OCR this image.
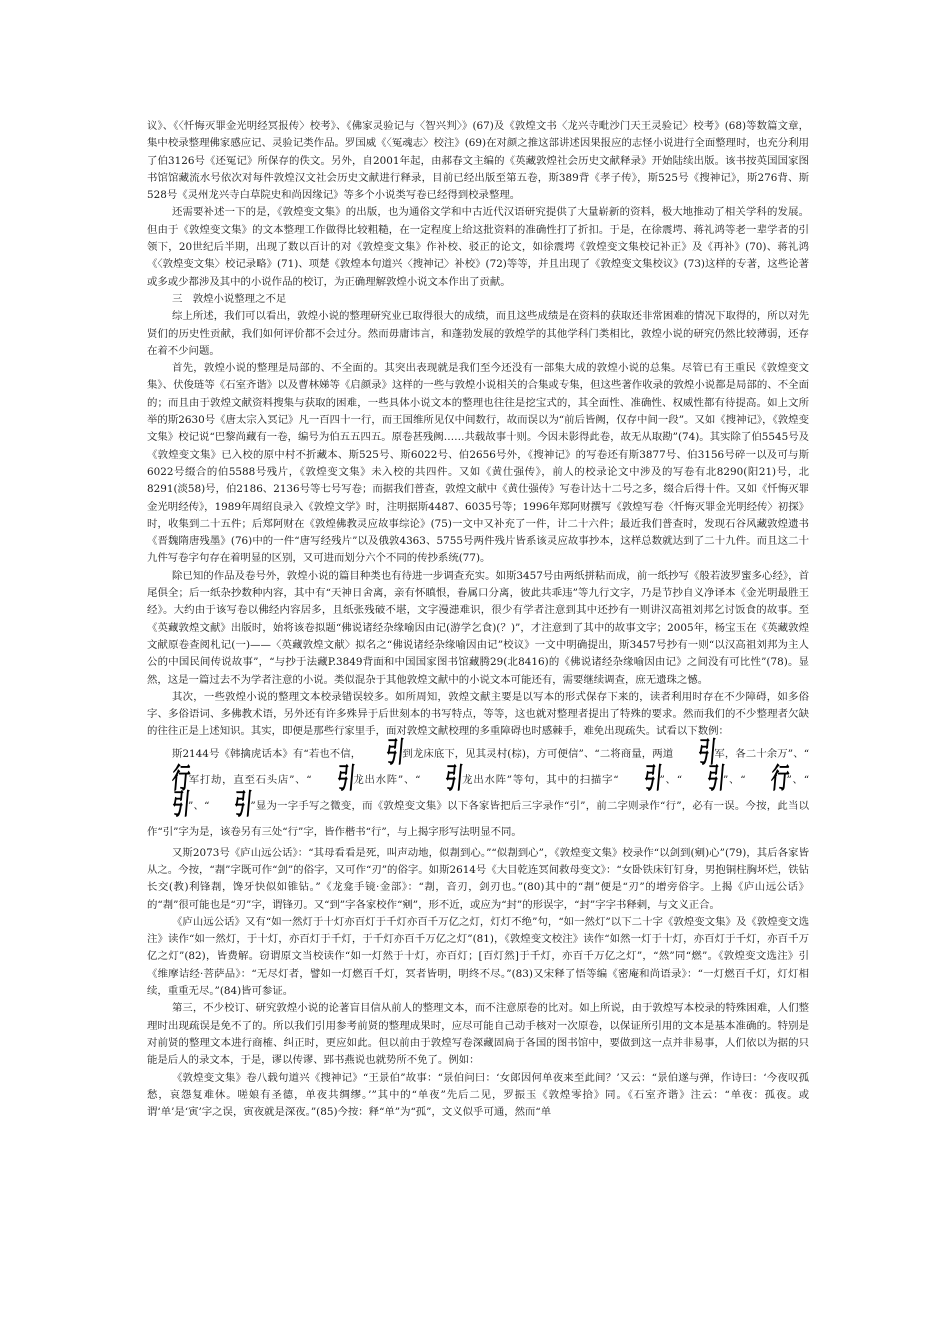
议》、《〈忏悔灭罪金光明经冥报传〉校考》、《佛家灵验记与〈智兴判〉》(67)及《敦煌文书〈龙兴寺毗沙门天王灵验记〉校考》(68)等数篇文章，集中校录整理佛家感应记、灵验记类作品。罗国威《〈冤魂志〉校注》(69)在对颜之推这部讲述因果报应的志怪小说进行全面整理时，也充分利用了伯3126号《还冤记》所保存的佚文。另外，自2001年起，由郝春文主编的《英藏敦煌社会历史文献释录》开始陆续出版。该书按英国国家图书馆馆藏流水号依次对每件敦煌汉文社会历史文献进行释录，目前已经出版至第五卷，斯389背《孝子传》，斯525号《搜神记》，斯276背、斯528号《灵州龙兴寺白草院史和尚因缘记》等多个小说类写卷已经得到校录整理。

还需要补述一下的是，《敦煌变文集》的出版，也为通俗文学和中古近代汉语研究提供了大量崭新的资料，极大地推动了相关学科的发展。但由于《敦煌变文集》的文本整理工作做得比较粗糙，在一定程度上给这批资料的准确性打了折扣。于是，在徐震堮、蒋礼鸿等老一辈学者的引领下，20世纪后半期，出现了数以百计的对《敦煌变文集》作补校、驳正的论文，如徐震堮《敦煌变文集校记补正》及《再补》(70)、蒋礼鸿《〈敦煌变文集〉校记录略》(71)、项楚《敦煌本句道兴〈搜神记〉补校》(72)等等，并且出现了《敦煌变文集校议》(73)这样的专著，这些论著或多或少都涉及其中的小说作品的校订，为正确理解敦煌小说文本作出了贡献。

三　敦煌小说整理之不足

综上所述，我们可以看出，敦煌小说的整理研究业已取得很大的成绩，而且这些成绩是在资料的获取还非常困难的情况下取得的，所以对先贤们的历史性贡献，我们如何评价都不会过分。然而毋庸讳言，和蓬勃发展的敦煌学的其他学科门类相比，敦煌小说的研究仍然比较薄弱，还存在着不少问题。

首先，敦煌小说的整理是局部的、不全面的。其突出表现就是我们至今还没有一部集大成的敦煌小说的总集。尽管已有王重民《敦煌变文集》、伏俊琏等《石室齐谐》以及曹林娣等《启颜录》这样的一些与敦煌小说相关的合集或专集，但这些著作收录的敦煌小说都是局部的、不全面的；而且由于敦煌文献资料搜集与获取的困难，一些具体小说文本的整理也往往是挖宝式的，其全面性、准确性、权威性都有待提高。如上文所举的斯2630号《唐太宗入冥记》凡一百四十一行，而王国维所见仅中间数行，故而误以为“前后皆阙，仅存中间一段”。又如《搜神记》，《敦煌变文集》校记说“巴黎尚藏有一卷，编号为伯五五四五。原卷甚残阙……共载故事十则。今因未影得此卷，故无从取勘”(74)。其实除了伯5545号及《敦煌变文集》已入校的原中村不折藏本、斯525号、斯6022号、伯2656号外，《搜神记》的写卷还有斯3877号、伯3156号碎一以及可与斯6022号缀合的伯5588号残片，《敦煌变文集》未入校的共四件。又如《黄仕强传》，前人的校录论文中涉及的写卷有北8290(阳21)号，北8291(淡58)号，伯2186、2136号等七号写卷；而据我们普查，敦煌文献中《黄仕强传》写卷计达十二号之多，缀合后得十件。又如《忏悔灭罪金光明经传》，1989年周绍良录入《敦煌文学》时，注明据斯4487、6035号等；1996年郑阿财撰写《敦煌写卷〈忏悔灭罪金光明经传〉初探》时，收集到二十五件；后郑阿财在《敦煌佛教灵应故事综论》(75)一文中又补充了一件，计二十六件；最近我们普查时，发现石谷风藏敦煌遗书《晋魏隋唐残墨》(76)中的一件“唐写经残片”以及俄敦4363、5755号两件残片皆系该灵应故事抄本，这样总数就达到了二十九件。而且这二十九件写卷字句存在着明显的区别，又可进而划分六个不同的传抄系统(77)。

除已知的作品及卷号外，敦煌小说的篇目种类也有待进一步调查充实。如斯3457号由两纸拼粘而成，前一纸抄写《般若波罗蜜多心经》，首尾俱全；后一纸杂抄数种内容，其中有“天神日舍离，亲有怀瞋恨，眷属口分离，彼此共乖违”等九行文字，乃是节抄自义净译本《金光明最胜王经》。大约由于该写卷以佛经内容居多，且纸张残破不堪，文字漫漶难识，很少有学者注意到其中还抄有一则讲汉高祖刘邦乞讨饭食的故事。至《英藏敦煌文献》出版时，始将该卷拟题“佛说诸经杂缘喻因由记(游学乞食)(？)”，才注意到了其中的故事文字；2005年，杨宝玉在《英藏敦煌文献原卷查阅札记(一)——〈英藏敦煌文献〉拟名之“佛说诸经杂缘喻因由记”校议》一文中明确提出，斯3457号抄有一则“以汉高祖刘邦为主人公的中国民间传说故事”，“与抄于法藏P.3849背面和中国国家图书馆藏腾29(北8416)的《佛说诸经杂缘喻因由记》之间没有可比性”(78)。显然，这是一篇过去不为学者注意的小说。类似混杂于其他敦煌文献中的小说文本可能还有，需要继续调查，庶无遗珠之憾。

其次，一些敦煌小说的整理文本校录错误较多。如所周知，敦煌文献主要是以写本的形式保存下来的，读者利用时存在不少障碍，如多俗字、多俗语词、多佛教术语，另外还有许多殊异于后世刻本的书写特点，等等，这也就对整理者提出了特殊的要求。然而我们的不少整理者欠缺的往往正是上述知识。其实，即便是那些行家里手，面对敦煌文献校理的多重障碍也时感棘手，难免出现疏失。试看以下数例：

斯2144号《韩擒虎话本》有“若也不信， 引到龙床底下，见其灵村(棕)，方可便信”、“二将商量，两道 引军，各二十余万”、“行军打劫，直至石头店”、“ 引龙出水阵”、“ 引龙出水阵”等句，其中的扫描字“ 引”、“ 引”、“ 行”、“引”、“ 引”显为一字手写之微变，而《敦煌变文集》以下各家皆把后三字录作“引”，前二字则录作“行”，必有一误。今按，此当以作“引”字为是，该卷另有三处“行”字，皆作楷书“行”，与上揭字形写法明显不同。

又斯2073号《庐山远公话》：“其母看看是死，叫声动地，似剨到心。”“似剨到心”，《敦煌变文集》校录作“以剑到(剜)心”(79)，其后各家皆从之。今按，“剨”字既可作“剑”的俗字，又可作“刃”的俗字。如斯2614号《大目乾连冥间救母变文》：“女卧铁床钉钉身，男抱铜柱胸坏烂，铁钻长交(教)利锋剨，馋牙快似如锥钻。”《龙龛手镜·金部》：“剨，音刃，剑刃也。”(80)其中的“剨”便是“刃”的增旁俗字。上揭《庐山远公话》的“剨”很可能也是“刃”字，谓锋刃。又“到”字各家校作“剜”，形不近，或应为“封”的形误字，“封”字字书释剌，与文义正合。

《庐山远公话》又有“如一然灯于十灯亦百灯于千灯亦百千万亿之灯，灯灯不绝”句，“如一然灯”以下二十字《敦煌变文集》及《敦煌变文选注》读作“如一然灯，于十灯，亦百灯于千灯，于千灯亦百千万亿之灯”(81)，《敦煌变文校注》读作“如然一灯于十灯，亦百灯于千灯，亦百千万亿之灯”(82)，皆费解。窃谓原文当校读作“如一灯然于十灯，亦百灯；[百灯然]于千灯，亦百千万亿之灯”，“然”同“燃”。《敦煌变文选注》引《维摩诘经·菩萨品》：“无尽灯者，譬如一灯燃百千灯，冥者皆明，明终不尽。”(83)又宋释了悟等编《密庵和尚语录》：“一灯燃百千灯，灯灯相续，重重无尽。”(84)皆可参证。

第三，不少校订、研究敦煌小说的论著盲目信从前人的整理文本，而不注意原卷的比对。如上所说，由于敦煌写本校录的特殊困难，人们整理时出现疏误是免不了的。所以我们引用参考前贤的整理成果时，应尽可能自己动手核对一次原卷，以保证所引用的文本是基本准确的。特别是对前贤的整理文本进行商榷、纠正时，更应如此。但以前由于敦煌写卷深藏固扃于各国的图书馆中，要做到这一点并非易事，人们依以为据的只能是后人的录文本，于是，谬以传谬、郢书燕说也就势所不免了。例如：

《敦煌变文集》卷八载句道兴《搜神记》“王景伯”故事：“景伯问曰：‘女郎因何单夜来至此间？’又云：“景伯遂与弹，作诗曰：‘今夜叹孤愁，哀怨复难休。嗟娘有圣德，单夜共绸缪。’”其中的“单夜”先后二见，罗振玉《敦煌零拾》同。《石室齐谐》注云：“单夜：孤夜。或谓‘单’是‘寅’字之误，寅夜就是深夜。”(85)今按：释“单”为“孤”，文义似乎可通，然而“单
